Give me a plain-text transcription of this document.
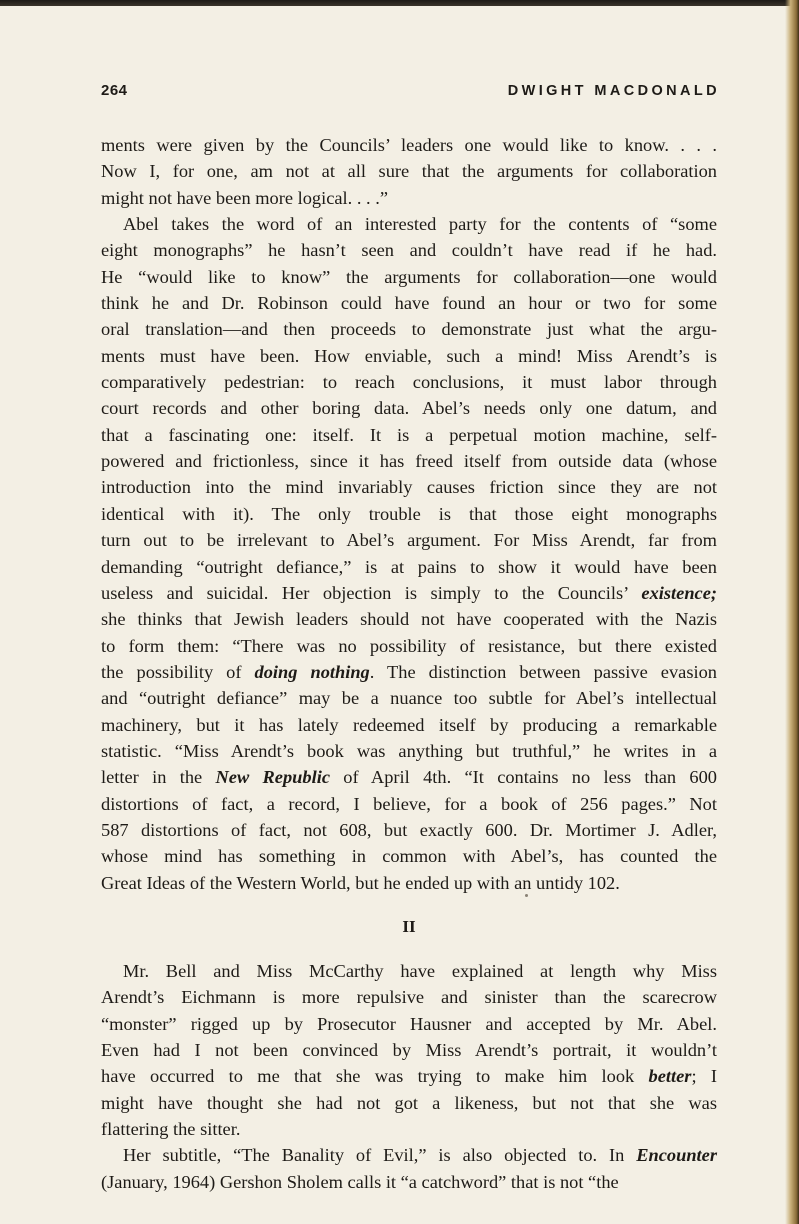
264	DWIGHT MACDONALD

ments were given by the Councils’ leaders one would like to know. . . .

Now I, for one, am not at all sure that the arguments for collaboration

might not have been more logical. . . .”

Abel takes the word of an interested party for the contents of “some

eight monographs” he hasn’t seen and couldn’t have read if he had.

He “would like to know” the arguments for collaboration—one would

think he and Dr. Robinson could have found an hour or two for some

oral translation—and then proceeds to demonstrate just what the argu-

ments must have been. How enviable, such a mind! Miss Arendt’s is

comparatively pedestrian: to reach conclusions, it must labor through

court records and other boring data. Abel’s needs only one datum, and

that a fascinating one: itself. It is a perpetual motion machine, self-

powered and frictionless, since it has freed itself from outside data (whose

introduction into the mind invariably causes friction since they are not

identical with it). The only trouble is that those eight monographs

turn out to be irrelevant to Abel’s argument. For Miss Arendt, far from

demanding “outright defiance,” is at pains to show it would have been

useless and suicidal. Her objection is simply to the Councils’ existence;

she thinks that Jewish leaders should not have cooperated with the Nazis

to form them: “There was no possibility of resistance, but there existed

the possibility of doing nothing. The distinction between passive evasion

and “outright defiance” may be a nuance too subtle for Abel’s intellectual

machinery, but it has lately redeemed itself by producing a remarkable

statistic. “Miss Arendt’s book was anything but truthful,” he writes in a

letter in the New Republic of April 4th. “It contains no less than 600

distortions of fact, a record, I believe, for a book of 256 pages.” Not

587 distortions of fact, not 608, but exactly 600. Dr. Mortimer J. Adler,

whose mind has something in common with Abel’s, has counted the

Great Ideas of the Western World, but he ended up with an untidy 102.

II

Mr. Bell and Miss McCarthy have explained at length why Miss

Arendt’s Eichmann is more repulsive and sinister than the scarecrow

“monster” rigged up by Prosecutor Hausner and accepted by Mr. Abel.

Even had I not been convinced by Miss Arendt’s portrait, it wouldn’t

have occurred to me that she was trying to make him look better; I

might have thought she had not got a likeness, but not that she was

flattering the sitter.

Her subtitle, “The Banality of Evil,” is also objected to. In Encounter

(January, 1964) Gershon Sholem calls it “a catchword” that is not “the
